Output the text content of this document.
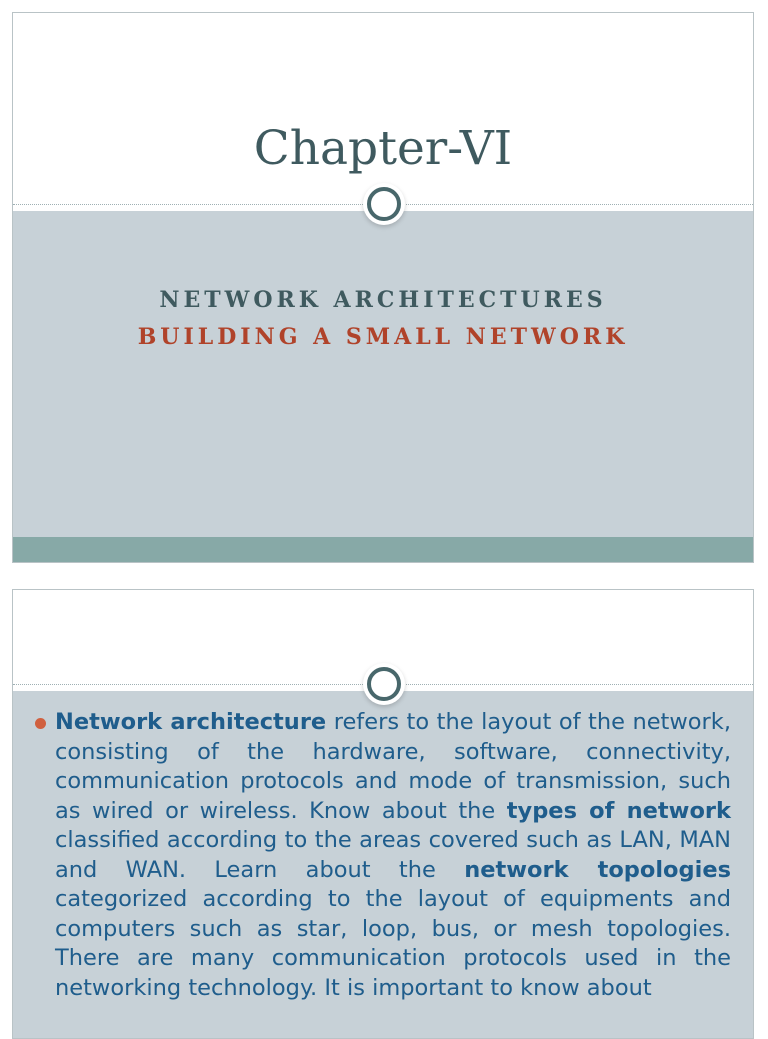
Chapter-VI
NETWORK ARCHITECTURES
BUILDING A SMALL NETWORK

Network architecture refers to the layout of the network, consisting of the hardware, software, connectivity, communication protocols and mode of transmission, such as wired or wireless. Know about the types of network classified according to the areas covered such as LAN, MAN and WAN. Learn about the network topologies categorized according to the layout of equipments and computers such as star, loop, bus, or mesh topologies. There are many communication protocols used in the networking technology. It is important to know about
